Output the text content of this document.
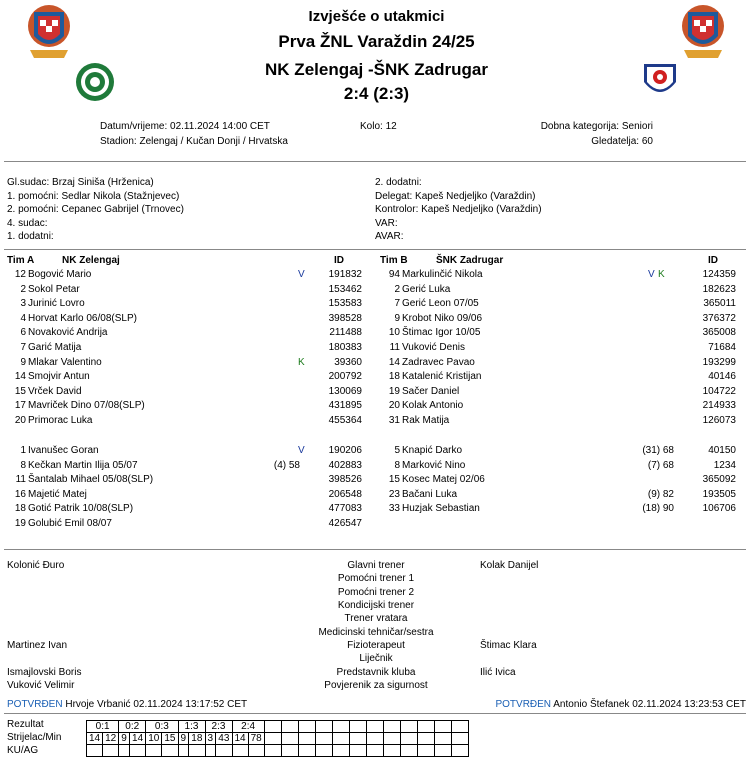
Izvješće o utakmici
Prva ŽNL Varaždin 24/25
NK Zelengaj -ŠNK Zadrugar
2:4 (2:3)
Datum/vrijeme: 02.11.2024 14:00 CET
Stadion: Zelengaj / Kučan Donji / Hrvatska
Kolo: 12	Dobna kategorija: Seniori
Gledatelja: 60
Gl.sudac: Brzaj Siniša (Hrženica)
1. pomoćni: Sedlar Nikola (Stažnjevec)
2. pomoćni: Cepanec Gabrijel (Trnovec)
4. sudac:
1. dodatni:
2. dodatni:
Delegat: Kapeš Nedjeljko (Varaždin)
Kontrolor: Kapeš Nedjeljko (Varaždin)
VAR:
AVAR:
Tim A	NK Zelengaj	ID	Tim B	ŠNK Zadrugar	ID
12 Bogović Mario	V	191832
2 Sokol Petar	153462
3 Jurinić Lovro	153583
4 Horvat Karlo 06/08(SLP)	398528
6 Novaković Andrija	211488
7 Garić Matija	180383
9 Mlakar Valentino	K	39360
14 Smojvir Antun	200792
15 Vrček David	130069
17 Mavriček Dino 07/08(SLP)	431895
20 Primorac Luka	455364
1 Ivanušec Goran	V	190206
8 Kečkan Martin Ilija 05/07	(4) 58	402883
11 Šantalab Mihael 05/08(SLP)	398526
16 Majetić Matej	206548
18 Gotić Patrik 10/08(SLP)	477083
19 Golubić Emil 08/07	426547
94 Markulinčić Nikola	V K	124359
2 Gerić Luka	182623
7 Gerić Leon 07/05	365011
9 Krobot Niko 09/06	376372
10 Štimac Igor 10/05	365008
11 Vuković Denis	71684
14 Zadravec Pavao	193299
18 Katalenić Kristijan	40146
19 Sačer Daniel	104722
20 Kolak Antonio	214933
31 Rak Matija	126073
5 Knapić Darko	(31) 68	40150
8 Marković Nino	(7) 68	1234
15 Kosec Matej 02/06	365092
23 Bačani Luka	(9) 82	193505
33 Huzjak Sebastian	(18) 90	106706
Glavni trener
Kolonić Đuro	Kolak Danijel
Pomoćni trener 1
Pomoćni trener 2
Kondicijski trener
Trener vratara
Medicinski tehničar/sestra
Fizioterapeut
Martinez Ivan	Štimac Klara
Liječnik
Predstavnik kluba
Ismajlovski Boris	Ilić Ivica
Povjerenik za sigurnost
Vuković Velimir
POTVRĐEN Hrvoje Vrbanić 02.11.2024 13:17:52 CET	POTVRĐEN Antonio Štefanek 02.11.2024 13:23:53 CET
Rezultat
Strijelac/Min
KU/AG
0:1		0:2		0:3		1:3		2:3		2:4													
14	12	9	14	10	15	9	18	3	43	14	78												
